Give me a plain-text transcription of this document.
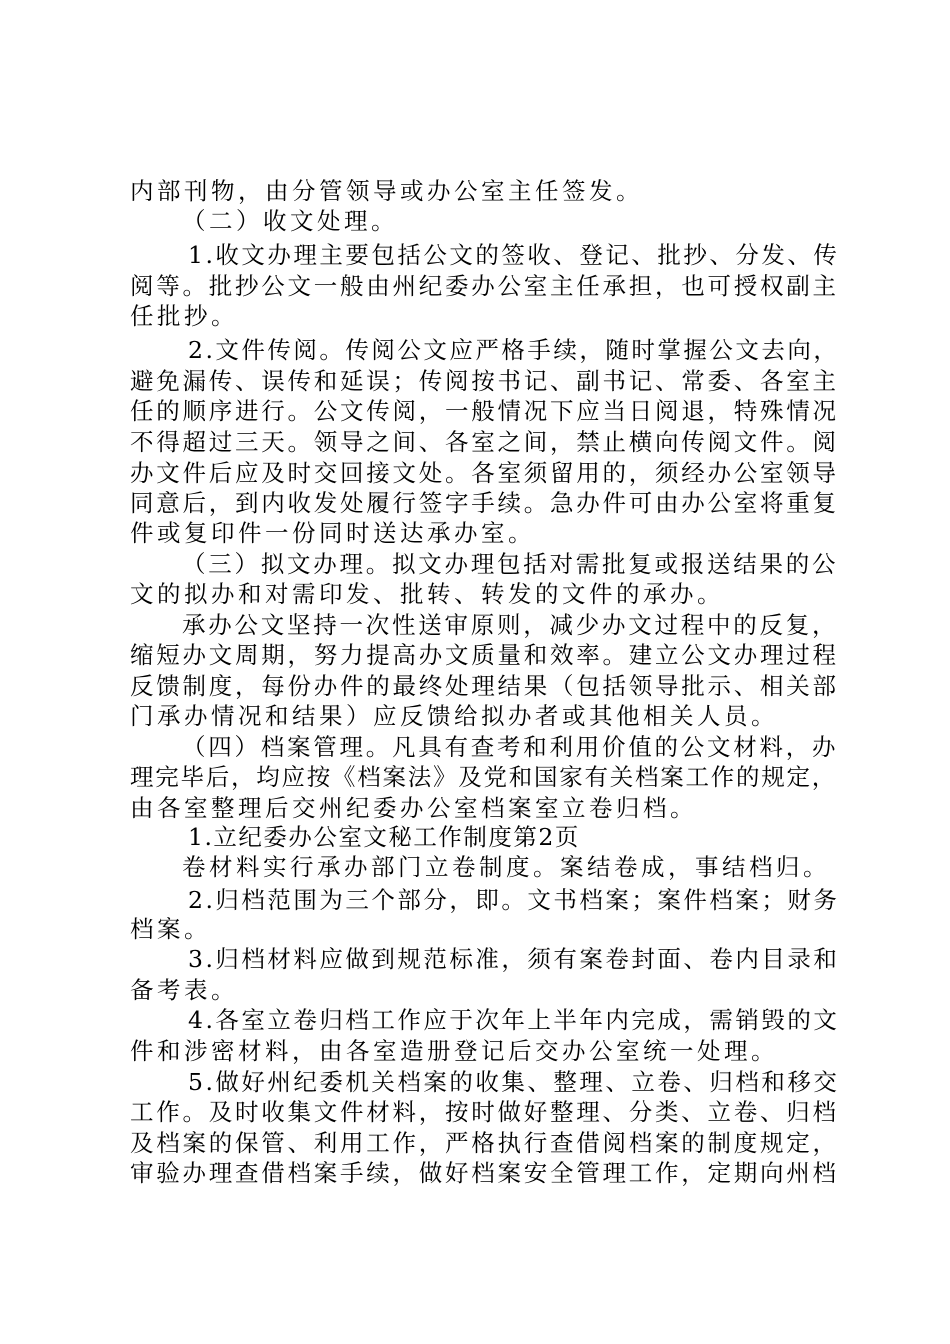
内部刊物，由分管领导或办公室主任签发。
（二）收文处理。
1.收文办理主要包括公文的签收、登记、批抄、分发、传
阅等。批抄公文一般由州纪委办公室主任承担，也可授权副主
任批抄。
2.文件传阅。传阅公文应严格手续，随时掌握公文去向，
避免漏传、误传和延误；传阅按书记、副书记、常委、各室主
任的顺序进行。公文传阅，一般情况下应当日阅退，特殊情况
不得超过三天。领导之间、各室之间，禁止横向传阅文件。阅
办文件后应及时交回接文处。各室须留用的，须经办公室领导
同意后，到内收发处履行签字手续。急办件可由办公室将重复
件或复印件一份同时送达承办室。
（三）拟文办理。拟文办理包括对需批复或报送结果的公
文的拟办和对需印发、批转、转发的文件的承办。
承办公文坚持一次性送审原则，减少办文过程中的反复，
缩短办文周期，努力提高办文质量和效率。建立公文办理过程
反馈制度，每份办件的最终处理结果（包括领导批示、相关部
门承办情况和结果）应反馈给拟办者或其他相关人员。
（四）档案管理。凡具有查考和利用价值的公文材料，办
理完毕后，均应按《档案法》及党和国家有关档案工作的规定，
由各室整理后交州纪委办公室档案室立卷归档。
1.立纪委办公室文秘工作制度第2页
卷材料实行承办部门立卷制度。案结卷成，事结档归。
2.归档范围为三个部分，即。文书档案；案件档案；财务
档案。
3.归档材料应做到规范标准，须有案卷封面、卷内目录和
备考表。
4.各室立卷归档工作应于次年上半年内完成，需销毁的文
件和涉密材料，由各室造册登记后交办公室统一处理。
5.做好州纪委机关档案的收集、整理、立卷、归档和移交
工作。及时收集文件材料，按时做好整理、分类、立卷、归档
及档案的保管、利用工作，严格执行查借阅档案的制度规定，
审验办理查借档案手续，做好档案安全管理工作，定期向州档
